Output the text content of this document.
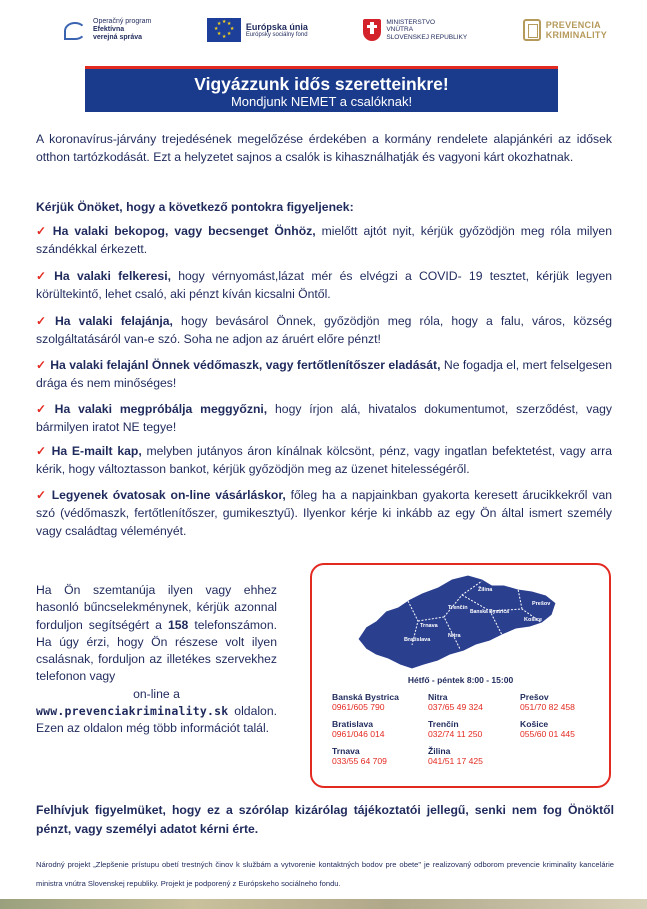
Operačný program
Efektívna
verejná správa
★ ★
★
★
★
★
★
★	Európska únia
Európsky sociálny fond
MINISTERSTVO
VNÚTRA
SLOVENSKEJ REPUBLIKY
PREVENCIA
KRIMINALITY
Vigyázzunk idős szeretteinkre!
Mondjunk NEMET a csalóknak!

A koronavírus-járvány trejedésének megelőzése érdekében a kormány rendelete alapjánkéri az idősek otthon tartózkodását. Ezt a helyzetet sajnos a csalók is kihasználhatják és vagyoni kárt okozhatnak.

Kérjük Önöket, hogy a következő pontokra figyeljenek:

✓ Ha valaki bekopog, vagy becsenget Önhöz, mielőtt ajtót nyit, kérjük győzödjön meg róla milyen szándékkal érkezett.

✓ Ha valaki felkeresi, hogy vérnyomást,lázat mér és elvégzi a COVID- 19 tesztet, kérjük legyen körültekintő, lehet csaló, aki pénzt kíván kicsalni Öntől.

✓ Ha valaki felajánja, hogy bevásárol Önnek, győzödjön meg róla, hogy a falu, város, község szolgáltatásáról van-e szó. Soha ne adjon az áruért előre pénzt!

✓ Ha valaki felajánl Önnek védőmaszk, vagy fertőtlenítőszer eladását, Ne fogadja el, mert felselgesen drága és nem minőséges!

✓ Ha valaki megpróbálja meggyőzni, hogy írjon alá, hivatalos dokumentumot, szerződést, vagy bármilyen iratot NE tegye!

✓ Ha E-mailt kap, melyben jutányos áron kínálnak kölcsönt, pénz, vagy ingatlan befektetést, vagy arra kérik, hogy változtasson bankot, kérjük győzödjön meg az üzenet hitelességéről.

✓ Legyenek óvatosak on-line vásárláskor, főleg ha a napjainkban gyakorta keresett árucikkekről van szó (védőmaszk, fertőtlenítőszer, gumikesztyű). Ilyenkor kérje ki inkább az egy Ön által ismert személy vagy családtag véleményét.

Ha Ön szemtanúja ilyen vagy ehhez hasonló bűncselekménynek, kérjük azonnal forduljon segítségért a 158 telefonszámon. Ha úgy érzi, hogy Ön részese volt ilyen csalásnak, forduljon az illetékes szervekhez telefonon vagy
on-line a
www.prevenciakriminality.sk oldalon. Ezen az oldalon még több információt talál.

Žilina
Prešov
Trenčín
Banská Bystrica
Košice
Trnava
Nitra
Bratislava
Hétfő - péntek 8:00 - 15:00
Banská Bystrica
0961/605 790
Nitra
037/65 49 324
Prešov
051/70 82 458
Bratislava
0961/046 014
Trenčín
032/74 11 250
Košice
055/60 01 445
Trnava
033/55 64 709
Žilina
041/51 17 425

Felhívjuk figyelmüket, hogy ez a szórólap kizárólag tájékoztatói jellegű, senki nem fog Önöktől pénzt, vagy személyi adatot kérni érte.

Národný projekt „Zlepšenie prístupu obetí trestných činov k službám a vytvorenie kontaktných bodov pre obete" je realizovaný odborom prevencie kriminality kancelárie ministra vnútra Slovenskej republiky. Projekt je podporený z Európskeho sociálneho fondu.
